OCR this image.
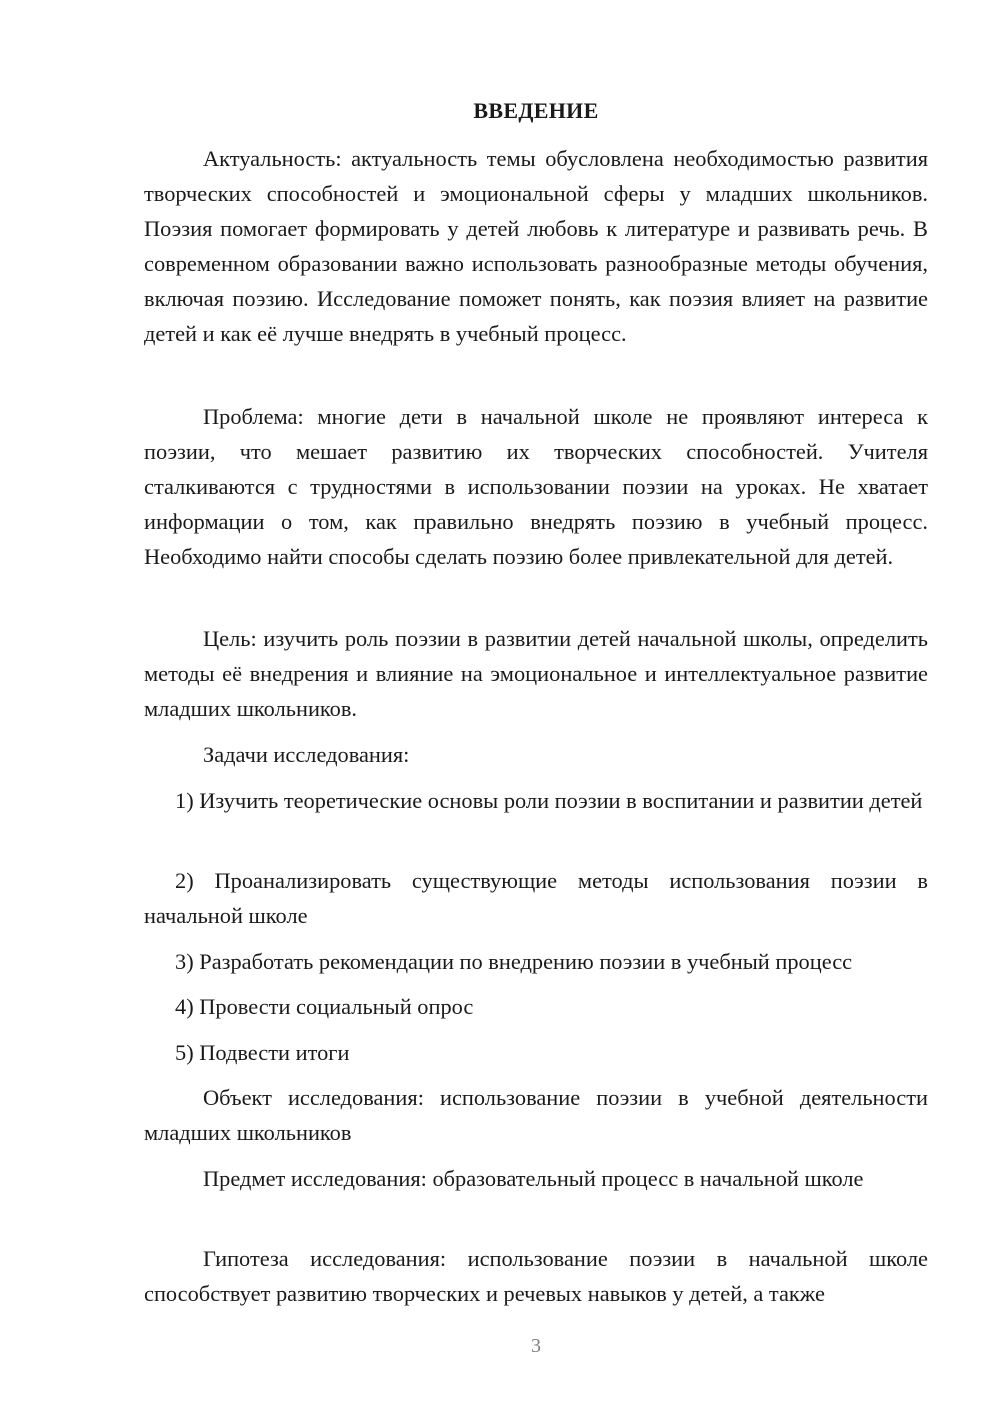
ВВЕДЕНИЕ

Актуальность: актуальность темы обусловлена необходимостью развития творческих способностей и эмоциональной сферы у младших школьников. Поэзия помогает формировать у детей любовь к литературе и развивать речь. В современном образовании важно использовать разнообразные методы обучения, включая поэзию. Исследование поможет понять, как поэзия влияет на развитие детей и как её лучше внедрять в учебный процесс.

Проблема: многие дети в начальной школе не проявляют интереса к поэзии, что мешает развитию их творческих способностей. Учителя сталкиваются с трудностями в использовании поэзии на уроках. Не хватает информации о том, как правильно внедрять поэзию в учебный процесс. Необходимо найти способы сделать поэзию более привлекательной для детей.

Цель: изучить роль поэзии в развитии детей начальной школы, определить методы её внедрения и влияние на эмоциональное и интеллектуальное развитие младших школьников.

Задачи исследования:

1) Изучить теоретические основы роли поэзии в воспитании и развитии детей

2) Проанализировать существующие методы использования поэзии в начальной школе

3) Разработать рекомендации по внедрению поэзии в учебный процесс

4) Провести социальный опрос

5) Подвести итоги

Объект исследования: использование поэзии в учебной деятельности младших школьников

Предмет исследования: образовательный процесс в начальной школе

Гипотеза исследования: использование поэзии в начальной школе способствует развитию творческих и речевых навыков у детей, а также

3
